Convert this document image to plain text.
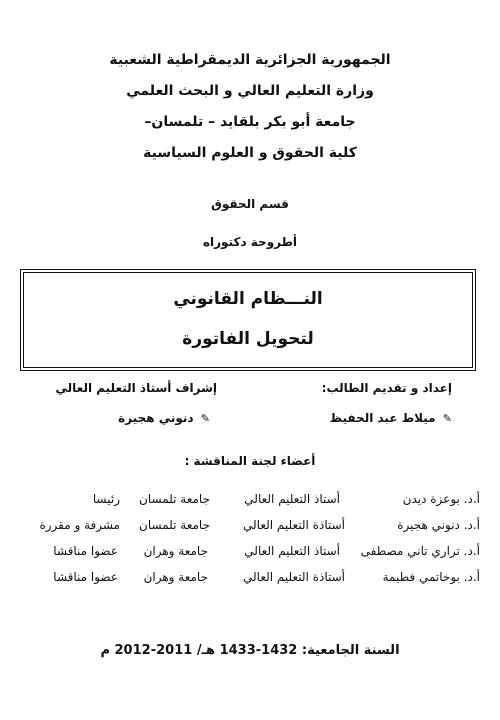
الجمهورية الجزائرية الديمقراطية الشعبية
وزارة التعليم العالي و البحث العلمي
جامعة أبو بكر بلقايد – تلمسان–
كلية الحقوق و العلوم السياسية
قسم الحقوق
أطروحة دكتوراه
النـــظام القانوني
لتحويل الفاتورة
إعداد و تقديم الطالب:
إشراف أستاذ التعليم العالي
✎ ميلاط عبد الحفيظ
✎ دنوني هجيرة
أعضاء لجنة المناقشة :
أ.د. بوعزة ديدن
أستاذ التعليم العالي
جامعة تلمسان
رئيسا
أ.د. دنوني هجيرة
أستاذة التعليم العالي
جامعة تلمسان
مشرفة و مقررة
أ.د. تراري تاني مصطفى
أستاذ التعليم العالي
جامعة وهران
عضوا مناقشا
أ.د. بوخاتمي فطيمة
أستاذة التعليم العالي
جامعة وهران
عضوا مناقشا
السنة الجامعية: 1432-1433 هـ/ 2011-2012 م
